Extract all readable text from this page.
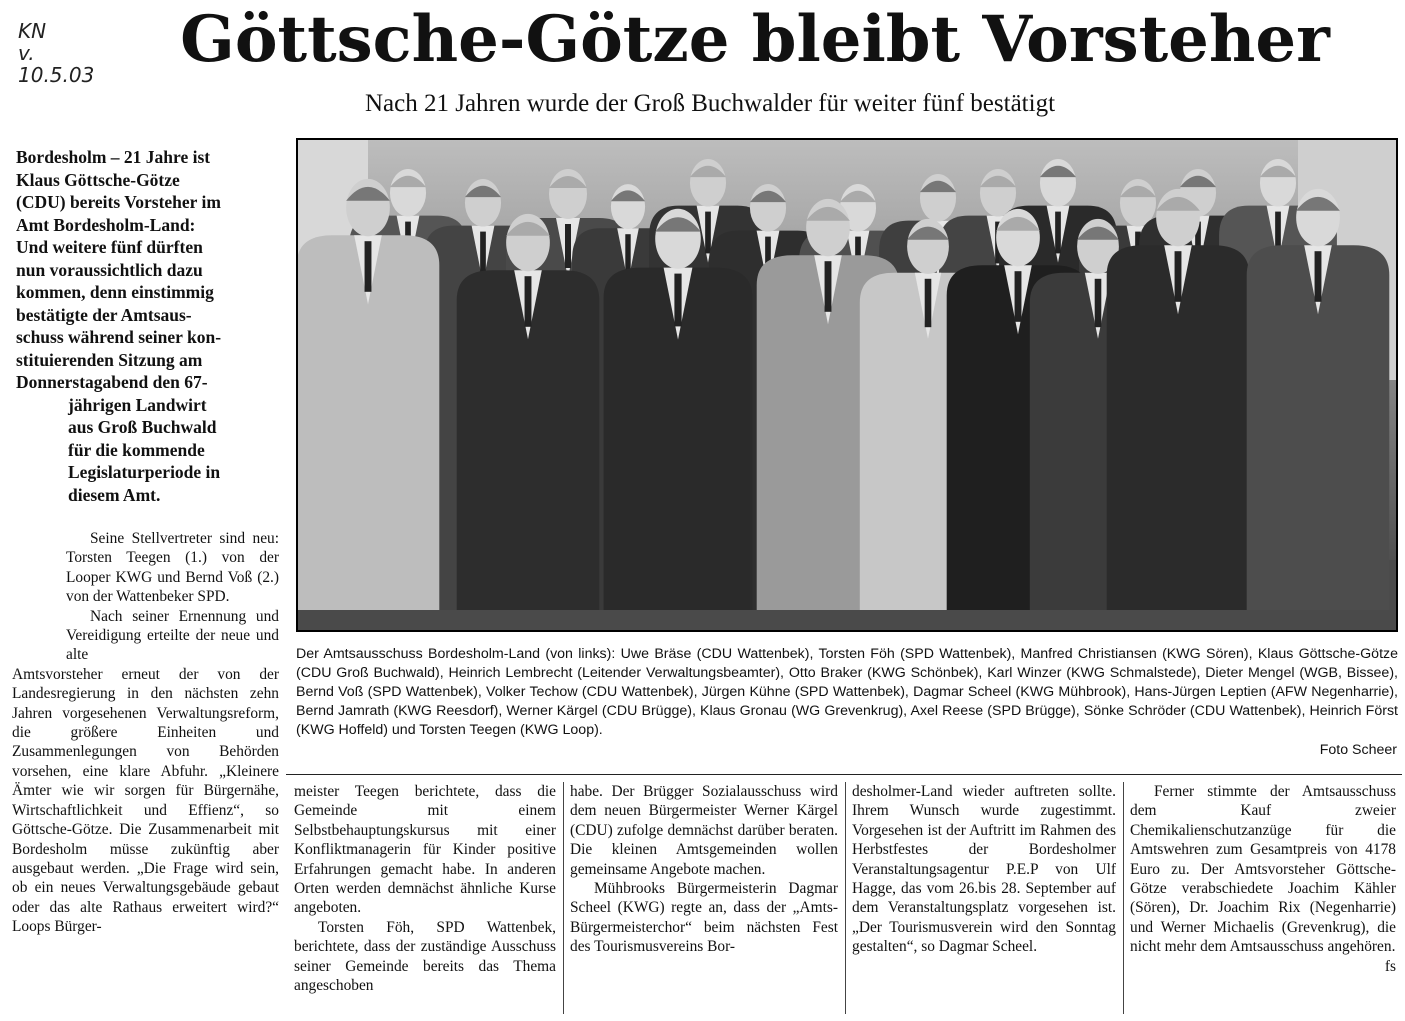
KN
v.
10.5.03	Göttsche-Götze bleibt Vorsteher
Nach 21 Jahren wurde der Groß Buchwalder für weiter fünf bestätigt
Bordesholm – 21 Jahre ist
Klaus Göttsche-Götze
(CDU) bereits Vorsteher im
Amt Bordesholm-Land:
Und weitere fünf dürften
nun voraussichtlich dazu
kommen, denn einstimmig
bestätigte der Amtsaus-
schuss während seiner kon-
stituierenden Sitzung am
Donnerstagabend den 67-
jährigen Landwirt
aus Groß Buchwald
für die kommende
Legislaturperiode in
diesem Amt.
Der Amtsausschuss Bordesholm-Land (von links): Uwe Bräse (CDU Wattenbek), Torsten Föh (SPD Wattenbek), Manfred Christiansen (KWG Sören), Klaus Göttsche-Götze (CDU Groß Buchwald), Heinrich Lembrecht (Leitender Verwaltungsbeamter), Otto Braker (KWG Schönbek), Karl Winzer (KWG Schmalstede), Dieter Mengel (WGB, Bissee), Bernd Voß (SPD Wattenbek), Volker Techow (CDU Wattenbek), Jürgen Kühne (SPD Wattenbek), Dagmar Scheel (KWG Mühbrook), Hans-Jürgen Leptien (AFW Negenharrie), Bernd Jamrath (KWG Reesdorf), Werner Kärgel (CDU Brügge), Klaus Gronau (WG Grevenkrug), Axel Reese (SPD Brügge), Sönke Schröder (CDU Wattenbek), Heinrich Först (KWG Hoffeld) und Torsten Teegen (KWG Loop).
Foto Scheer

Seine Stellvertreter sind neu: Torsten Teegen (1.) von der Looper KWG und Bernd Voß (2.) von der Wattenbeker SPD.

Nach seiner Ernennung und Vereidigung erteilte der neue und alte

Amtsvorsteher erneut der von der Landesregierung in den nächsten zehn Jahren vorgesehenen Verwaltungsreform, die größere Einheiten und Zusammenlegungen von Behörden vorsehen, eine klare Abfuhr. „Kleinere Ämter wie wir sorgen für Bürgernähe, Wirtschaftlichkeit und Effienz“, so Göttsche-Götze. Die Zusammenarbeit mit Bordesholm müsse zukünftig aber ausgebaut werden. „Die Frage wird sein, ob ein neues Verwaltungsgebäude gebaut oder das alte Rathaus erweitert wird?“ Loops Bürger-

meister Teegen berichtete, dass die Gemeinde mit einem Selbstbehauptungskursus mit einer Konfliktmanagerin für Kinder positive Erfahrungen gemacht habe. In anderen Orten werden demnächst ähnliche Kurse angeboten.

Torsten Föh, SPD Wattenbek, berichtete, dass der zuständige Ausschuss seiner Gemeinde bereits das Thema angeschoben

habe. Der Brügger Sozialausschuss wird dem neuen Bürgermeister Werner Kärgel (CDU) zufolge demnächst darüber beraten. Die kleinen Amtsgemeinden wollen gemeinsame Angebote machen.

Mühbrooks Bürgermeisterin Dagmar Scheel (KWG) regte an, dass der „Amts-Bürgermeisterchor“ beim nächsten Fest des Tourismusvereins Bor-

desholmer-Land wieder auftreten sollte. Ihrem Wunsch wurde zugestimmt. Vorgesehen ist der Auftritt im Rahmen des Herbstfestes der Bordesholmer Veranstaltungsagentur P.E.P von Ulf Hagge, das vom 26.bis 28. September auf dem Veranstaltungsplatz vorgesehen ist. „Der Tourismusverein wird den Sonntag gestalten“, so Dagmar Scheel.

Ferner stimmte der Amtsausschuss dem Kauf zweier Chemikalienschutzanzüge für die Amtswehren zum Gesamtpreis von 4178 Euro zu. Der Amtsvorsteher Göttsche-Götze verabschiedete Joachim Kähler (Sören), Dr. Joachim Rix (Negenharrie) und Werner Michaelis (Grevenkrug), die nicht mehr dem Amtsausschuss angehören.

fs
